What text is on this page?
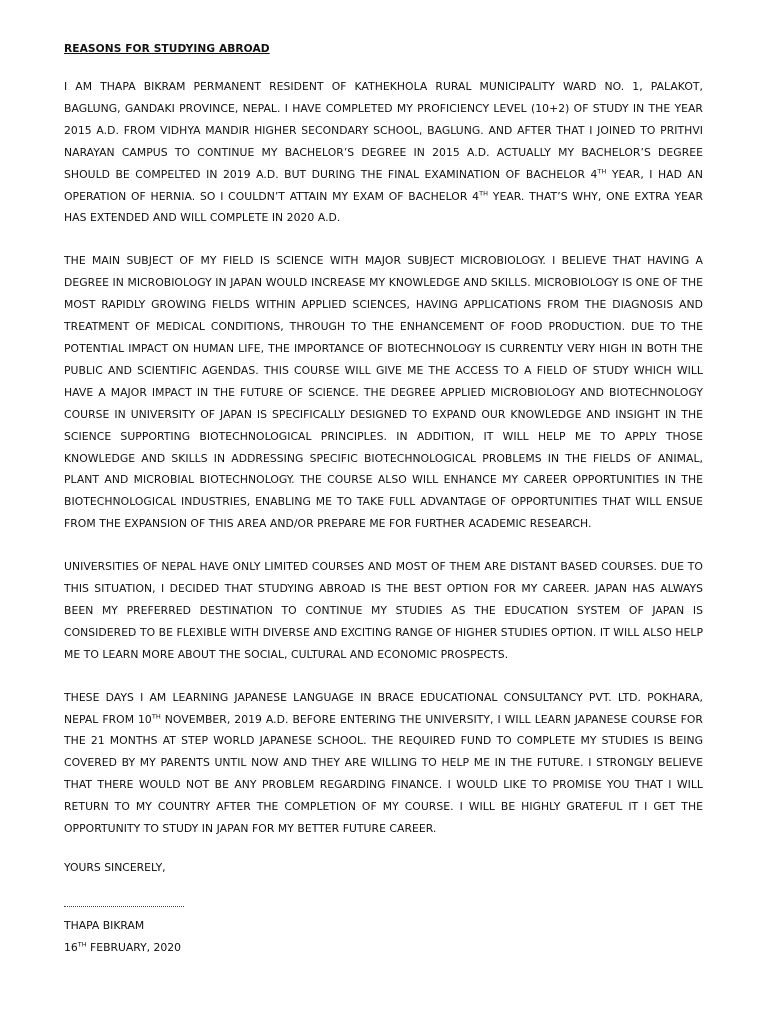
REASONS FOR STUDYING ABROAD

I AM THAPA BIKRAM PERMANENT RESIDENT OF KATHEKHOLA RURAL MUNICIPALITY WARD NO. 1, PALAKOT, BAGLUNG, GANDAKI PROVINCE, NEPAL. I HAVE COMPLETED MY PROFICIENCY LEVEL (10+2) OF STUDY IN THE YEAR 2015 A.D. FROM VIDHYA MANDIR HIGHER SECONDARY SCHOOL, BAGLUNG. AND AFTER THAT I JOINED TO PRITHVI NARAYAN CAMPUS TO CONTINUE MY BACHELOR’S DEGREE IN 2015 A.D. ACTUALLY MY BACHELOR’S DEGREE SHOULD BE COMPELTED IN 2019 A.D. BUT DURING THE FINAL EXAMINATION OF BACHELOR 4TH YEAR, I HAD AN OPERATION OF HERNIA. SO I COULDN’T ATTAIN MY EXAM OF BACHELOR 4TH YEAR. THAT’S WHY, ONE EXTRA YEAR HAS EXTENDED AND WILL COMPLETE IN 2020 A.D.

THE MAIN SUBJECT OF MY FIELD IS SCIENCE WITH MAJOR SUBJECT MICROBIOLOGY. I BELIEVE THAT HAVING A DEGREE IN MICROBIOLOGY IN JAPAN WOULD INCREASE MY KNOWLEDGE AND SKILLS. MICROBIOLOGY IS ONE OF THE MOST RAPIDLY GROWING FIELDS WITHIN APPLIED SCIENCES, HAVING APPLICATIONS FROM THE DIAGNOSIS AND TREATMENT OF MEDICAL CONDITIONS, THROUGH TO THE ENHANCEMENT OF FOOD PRODUCTION. DUE TO THE POTENTIAL IMPACT ON HUMAN LIFE, THE IMPORTANCE OF BIOTECHNOLOGY IS CURRENTLY VERY HIGH IN BOTH THE PUBLIC AND SCIENTIFIC AGENDAS. THIS COURSE WILL GIVE ME THE ACCESS TO A FIELD OF STUDY WHICH WILL HAVE A MAJOR IMPACT IN THE FUTURE OF SCIENCE. THE DEGREE APPLIED MICROBIOLOGY AND BIOTECHNOLOGY COURSE IN UNIVERSITY OF JAPAN IS SPECIFICALLY DESIGNED TO EXPAND OUR KNOWLEDGE AND INSIGHT IN THE SCIENCE SUPPORTING BIOTECHNOLOGICAL PRINCIPLES. IN ADDITION, IT WILL HELP ME TO APPLY THOSE KNOWLEDGE AND SKILLS IN ADDRESSING SPECIFIC BIOTECHNOLOGICAL PROBLEMS IN THE FIELDS OF ANIMAL, PLANT AND MICROBIAL BIOTECHNOLOGY. THE COURSE ALSO WILL ENHANCE MY CAREER OPPORTUNITIES IN THE BIOTECHNOLOGICAL INDUSTRIES, ENABLING ME TO TAKE FULL ADVANTAGE OF OPPORTUNITIES THAT WILL ENSUE FROM THE EXPANSION OF THIS AREA AND/OR PREPARE ME FOR FURTHER ACADEMIC RESEARCH.

UNIVERSITIES OF NEPAL HAVE ONLY LIMITED COURSES AND MOST OF THEM ARE DISTANT BASED COURSES. DUE TO THIS SITUATION, I DECIDED THAT STUDYING ABROAD IS THE BEST OPTION FOR MY CAREER. JAPAN HAS ALWAYS BEEN MY PREFERRED DESTINATION TO CONTINUE MY STUDIES AS THE EDUCATION SYSTEM OF JAPAN IS CONSIDERED TO BE FLEXIBLE WITH DIVERSE AND EXCITING RANGE OF HIGHER STUDIES OPTION. IT WILL ALSO HELP ME TO LEARN MORE ABOUT THE SOCIAL, CULTURAL AND ECONOMIC PROSPECTS.

THESE DAYS I AM LEARNING JAPANESE LANGUAGE IN BRACE EDUCATIONAL CONSULTANCY PVT. LTD. POKHARA, NEPAL FROM 10TH NOVEMBER, 2019 A.D. BEFORE ENTERING THE UNIVERSITY, I WILL LEARN JAPANESE COURSE FOR THE 21 MONTHS AT STEP WORLD JAPANESE SCHOOL. THE REQUIRED FUND TO COMPLETE MY STUDIES IS BEING COVERED BY MY PARENTS UNTIL NOW AND THEY ARE WILLING TO HELP ME IN THE FUTURE. I STRONGLY BELIEVE THAT THERE WOULD NOT BE ANY PROBLEM REGARDING FINANCE. I WOULD LIKE TO PROMISE YOU THAT I WILL RETURN TO MY COUNTRY AFTER THE COMPLETION OF MY COURSE. I WILL BE HIGHLY GRATEFUL IT I GET THE OPPORTUNITY TO STUDY IN JAPAN FOR MY BETTER FUTURE CAREER.

YOURS SINCERELY,
THAPA BIKRAM
16TH FEBRUARY, 2020
